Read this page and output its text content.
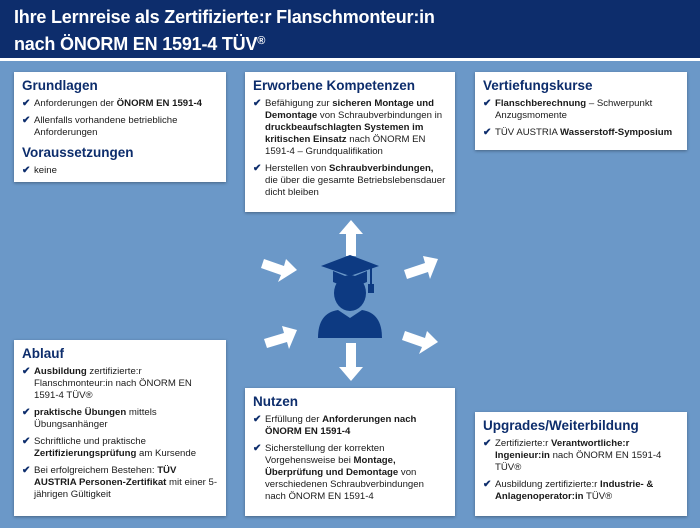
Ihre Lernreise als Zertifizierte:r Flanschmonteur:in
nach ÖNORM EN 1591-4 TÜV®
Grundlagen
✔ Anforderungen der ÖNORM EN 1591-4
✔ Allenfalls vorhandene betriebliche Anforderungen
Voraussetzungen
✔ keine
Erworbene Kompetenzen
✔ Befähigung zur sicheren Montage und Demontage von Schraubverbindungen in druckbeaufschlagten Systemen im kritischen Einsatz nach ÖNORM EN 1591-4 – Grundqualifikation
✔ Herstellen von Schraubverbindungen, die über die gesamte Betriebslebensdauer dicht bleiben
Vertiefungskurse
✔ Flanschberechnung – Schwerpunkt Anzugsmomente
✔ TÜV AUSTRIA Wasserstoff-Symposium
Ablauf
✔ Ausbildung zertifizierte:r Flanschmonteur:in nach ÖNORM EN 1591-4 TÜV®
✔ praktische Übungen mittels Übungsanhänger
✔ Schriftliche und praktische Zertifizierungsprüfung am Kursende
✔ Bei erfolgreichem Bestehen: TÜV AUSTRIA Personen-Zertifikat mit einer 5-jährigen Gültigkeit
Nutzen
✔ Erfüllung der Anforderungen nach ÖNORM EN 1591-4
✔ Sicherstellung der korrekten Vorgehensweise bei Montage, Überprüfung und Demontage von verschiedenen Schraubverbindungen nach ÖNORM EN 1591-4
Upgrades/Weiterbildung
✔ Zertifizierte:r Verantwortliche:r Ingenieur:in nach ÖNORM EN 1591-4 TÜV®
✔ Ausbildung zertifizierte:r Industrie- & Anlagenoperator:in TÜV®
